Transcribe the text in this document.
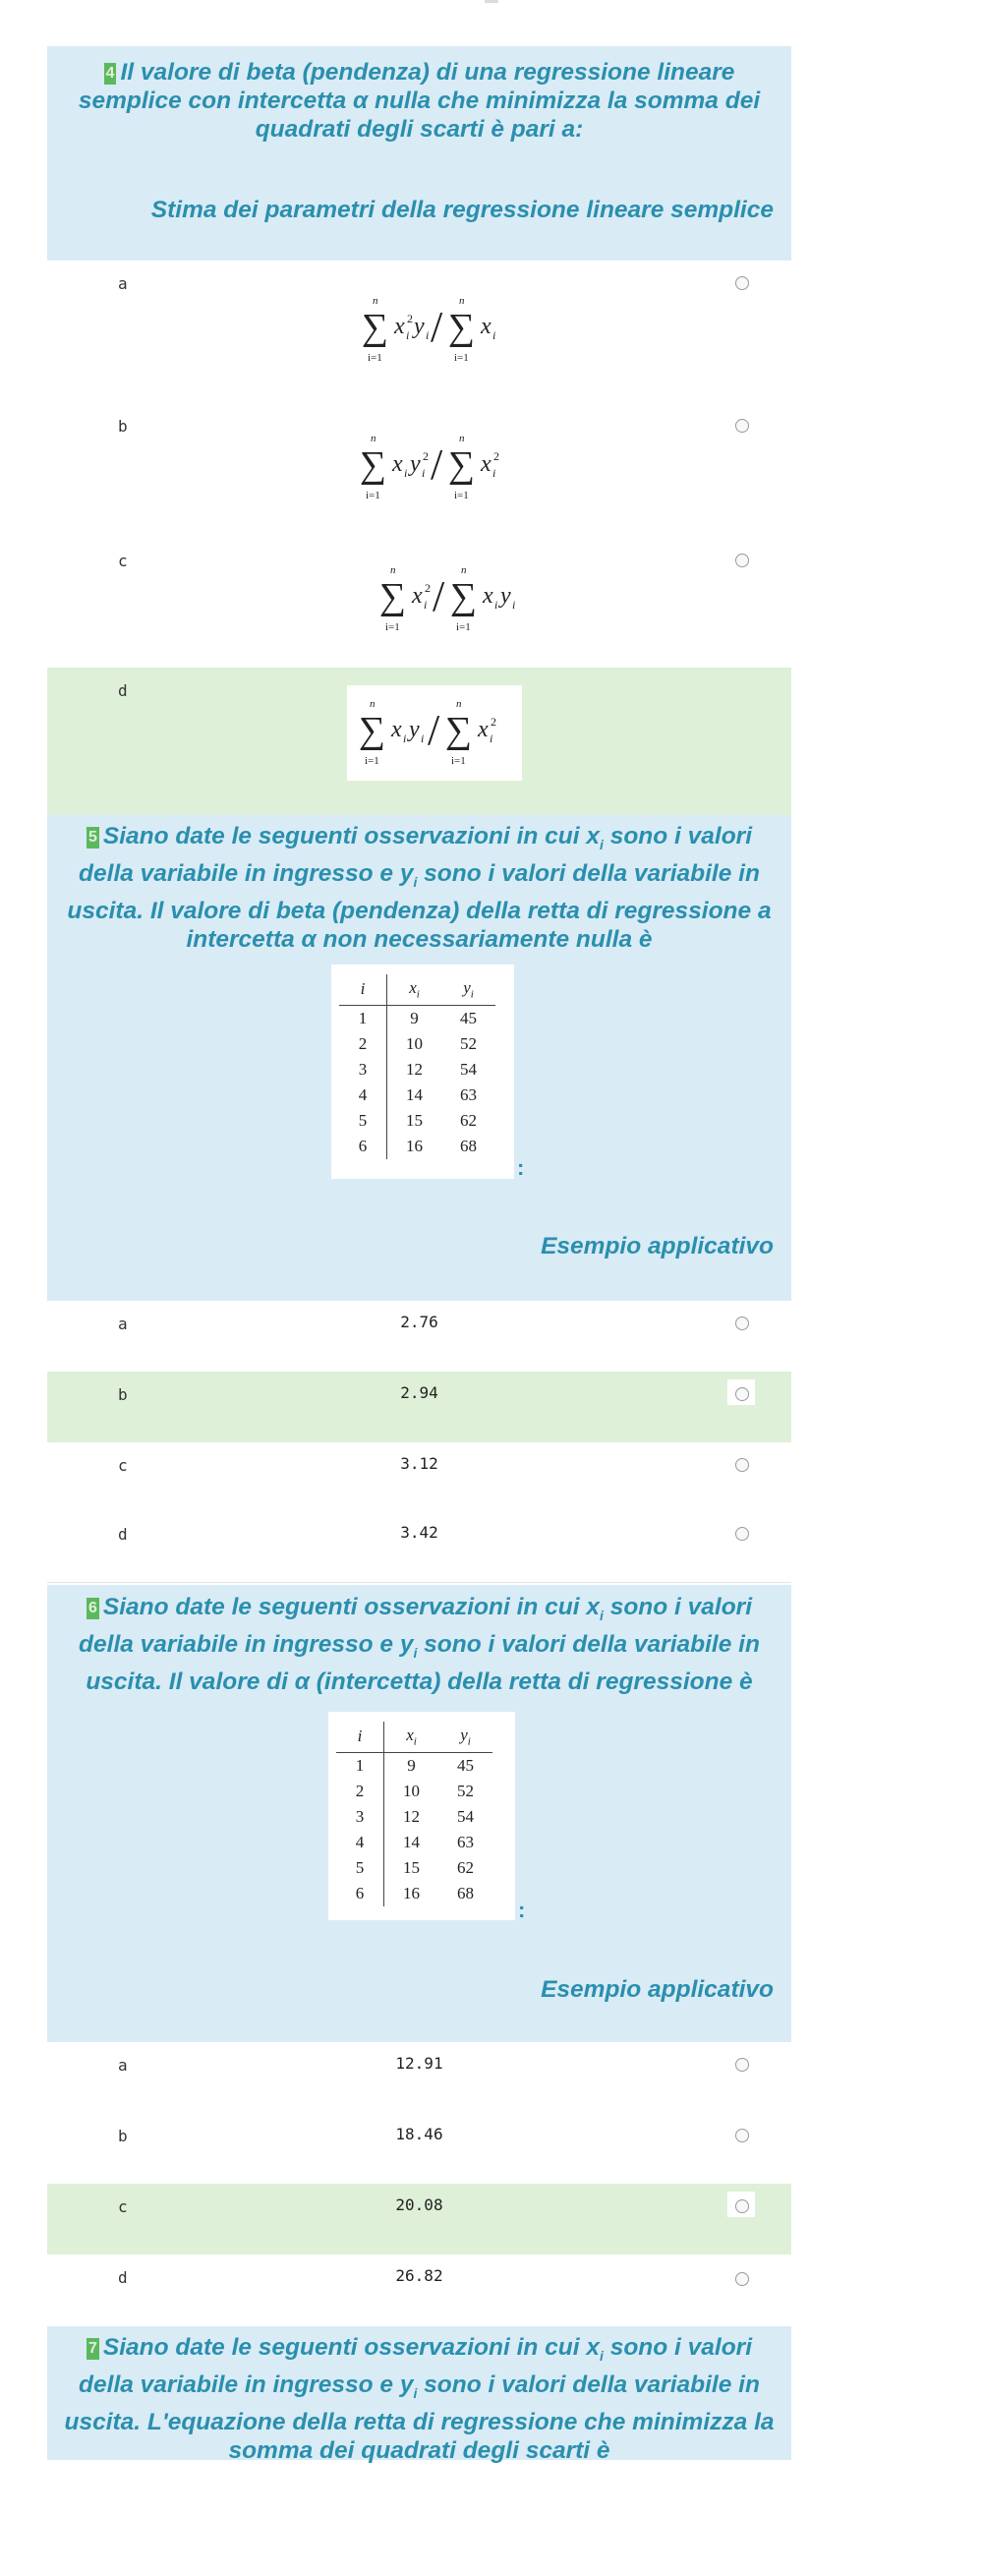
4 Il valore di beta (pendenza) di una regressione lineare semplice con intercetta α nulla che minimizza la somma dei quadrati degli scarti è pari a:
Stima dei parametri della regressione lineare semplice
a
∑
n
i=1
x i
2 y i / ∑
n
i=1
x i
b
∑
n
i=1
x i y i
2 / ∑
n
i=1
x i
2
c
∑
n
i=1
x i
2 / ∑
n
i=1
x i y i
d
∑
n
i=1
x i y i / ∑
n
i=1
x i
2
5 Siano date le seguenti osservazioni in cui $x_i$ sono i valori della variabile in ingresso e $y_i$ sono i valori della variabile in uscita. Il valore di beta (pendenza) della retta di regressione a intercetta α non necessariamente nulla è
i	$x_i$	$y_i$
1	9	45
2	10	52
3	12	54
4	14	63
5	15	62
6	16	68
:
Esempio applicativo
a	2.76
b	2.94
c	3.12
d	3.42
6 Siano date le seguenti osservazioni in cui $x_i$ sono i valori della variabile in ingresso e $y_i$ sono i valori della variabile in uscita. Il valore di α (intercetta) della retta di regressione è
i	$x_i$	$y_i$
1	9	45
2	10	52
3	12	54
4	14	63
5	15	62
6	16	68
:
Esempio applicativo
a	12.91
b	18.46
c	20.08
d	26.82
7 Siano date le seguenti osservazioni in cui $x_i$ sono i valori della variabile in ingresso e $y_i$ sono i valori della variabile in uscita. L'equazione della retta di regressione che minimizza la somma dei quadrati degli scarti è
